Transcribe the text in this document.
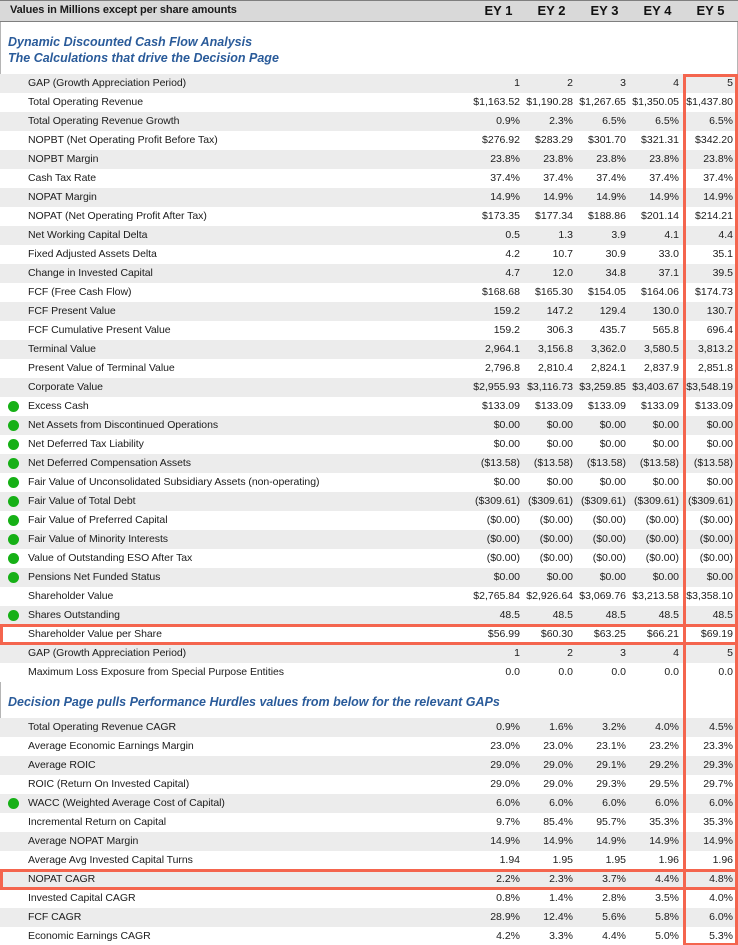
Values in Millions except per share amounts	EY 1	EY 2	EY 3	EY 4	EY 5
Dynamic Discounted Cash Flow Analysis
The Calculations that drive the Decision Page
GAP (Growth Appreciation Period)	1	2	3	4	5
Total Operating Revenue	$1,163.52	$1,190.28	$1,267.65	$1,350.05	$1,437.80
Total Operating Revenue Growth	0.9%	2.3%	6.5%	6.5%	6.5%
NOPBT (Net Operating Profit Before Tax)	$276.92	$283.29	$301.70	$321.31	$342.20
NOPBT Margin	23.8%	23.8%	23.8%	23.8%	23.8%
Cash Tax Rate	37.4%	37.4%	37.4%	37.4%	37.4%
NOPAT Margin	14.9%	14.9%	14.9%	14.9%	14.9%
NOPAT (Net Operating Profit After Tax)	$173.35	$177.34	$188.86	$201.14	$214.21
Net Working Capital Delta	0.5	1.3	3.9	4.1	4.4
Fixed Adjusted Assets Delta	4.2	10.7	30.9	33.0	35.1
Change in Invested Capital	4.7	12.0	34.8	37.1	39.5
FCF (Free Cash Flow)	$168.68	$165.30	$154.05	$164.06	$174.73
FCF Present Value	159.2	147.2	129.4	130.0	130.7
FCF Cumulative Present Value	159.2	306.3	435.7	565.8	696.4
Terminal Value	2,964.1	3,156.8	3,362.0	3,580.5	3,813.2
Present Value of Terminal Value	2,796.8	2,810.4	2,824.1	2,837.9	2,851.8
Corporate Value	$2,955.93	$3,116.73	$3,259.85	$3,403.67	$3,548.19

Excess Cash	$133.09	$133.09	$133.09	$133.09	$133.09

Net Assets from Discontinued Operations	$0.00	$0.00	$0.00	$0.00	$0.00

Net Deferred Tax Liability	$0.00	$0.00	$0.00	$0.00	$0.00

Net Deferred Compensation Assets	($13.58)	($13.58)	($13.58)	($13.58)	($13.58)

Fair Value of Unconsolidated Subsidiary Assets (non-operating)	$0.00	$0.00	$0.00	$0.00	$0.00

Fair Value of Total Debt	($309.61)	($309.61)	($309.61)	($309.61)	($309.61)

Fair Value of Preferred Capital	($0.00)	($0.00)	($0.00)	($0.00)	($0.00)

Fair Value of Minority Interests	($0.00)	($0.00)	($0.00)	($0.00)	($0.00)

Value of Outstanding ESO After Tax	($0.00)	($0.00)	($0.00)	($0.00)	($0.00)

Pensions Net Funded Status	$0.00	$0.00	$0.00	$0.00	$0.00
Shareholder Value	$2,765.84	$2,926.64	$3,069.76	$3,213.58	$3,358.10

Shares Outstanding	48.5	48.5	48.5	48.5	48.5
Shareholder Value per Share	$56.99	$60.30	$63.25	$66.21	$69.19
GAP (Growth Appreciation Period)	1	2	3	4	5
Maximum Loss Exposure from Special Purpose Entities	0.0	0.0	0.0	0.0	0.0
Decision Page pulls Performance Hurdles values from below for the relevant GAPs
Total Operating Revenue CAGR	0.9%	1.6%	3.2%	4.0%	4.5%
Average Economic Earnings Margin	23.0%	23.0%	23.1%	23.2%	23.3%
Average ROIC	29.0%	29.0%	29.1%	29.2%	29.3%
ROIC (Return On Invested Capital)	29.0%	29.0%	29.3%	29.5%	29.7%

WACC (Weighted Average Cost of Capital)	6.0%	6.0%	6.0%	6.0%	6.0%
Incremental Return on Capital	9.7%	85.4%	95.7%	35.3%	35.3%
Average NOPAT Margin	14.9%	14.9%	14.9%	14.9%	14.9%
Average Avg Invested Capital Turns	1.94	1.95	1.95	1.96	1.96
NOPAT CAGR	2.2%	2.3%	3.7%	4.4%	4.8%
Invested Capital CAGR	0.8%	1.4%	2.8%	3.5%	4.0%
FCF CAGR	28.9%	12.4%	5.6%	5.8%	6.0%
Economic Earnings CAGR	4.2%	3.3%	4.4%	5.0%	5.3%
